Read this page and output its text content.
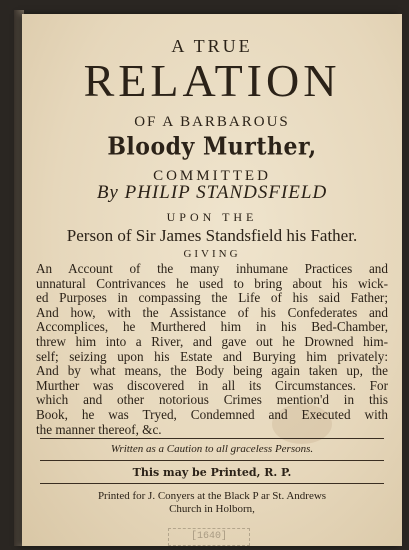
A TRUE
RELATION
OF A BARBAROUS
Bloody Murther,
COMMITTED
By PHILIP STANDSFIELD
UPON THE
Person of Sir James Standsfield his Father.
GIVING
An Account of the many inhumane Practices and
unnatural Contrivances he used to bring about his wick-
ed Purposes in compassing the Life of his said Father;
And how, with the Assistance of his Confederates and
Accomplices, he Murthered him in his Bed-Chamber,
threw him into a River, and gave out he Drowned him-
self; seizing upon his Estate and Burying him privately:
And by what means, the Body being again taken up, the
Murther was discovered in all its Circumstances. For
which and other notorious Crimes mention'd in this
Book, he was Tryed, Condemned and Executed with
the manner thereof, &c.
Written as a Caution to all graceless Persons.
This may be Printed, R. P.
Printed for J. Conyers at the Black P ar St. Andrews
Church in Holborn,
[1640]
